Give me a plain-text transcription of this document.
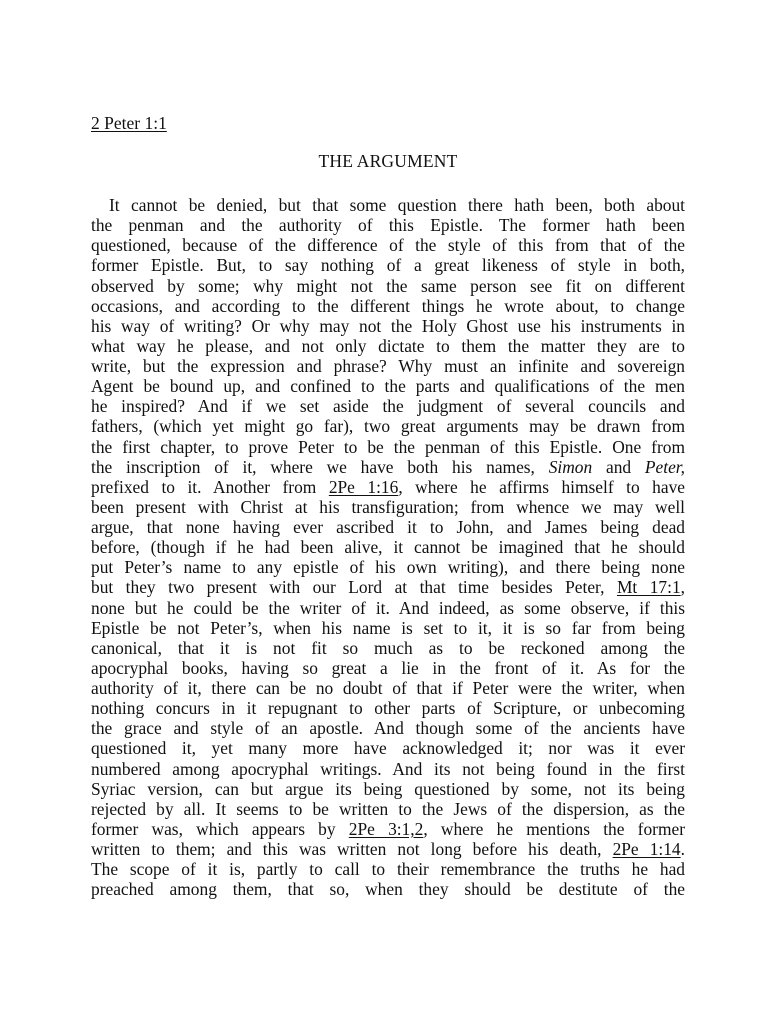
2 Peter 1:1
THE ARGUMENT
It cannot be denied, but that some question there hath been, both about
the penman and the authority of this Epistle. The former hath been
questioned, because of the difference of the style of this from that of the
former Epistle. But, to say nothing of a great likeness of style in both,
observed by some; why might not the same person see fit on different
occasions, and according to the different things he wrote about, to change
his way of writing? Or why may not the Holy Ghost use his instruments in
what way he please, and not only dictate to them the matter they are to
write, but the expression and phrase? Why must an infinite and sovereign
Agent be bound up, and confined to the parts and qualifications of the men
he inspired? And if we set aside the judgment of several councils and
fathers, (which yet might go far), two great arguments may be drawn from
the first chapter, to prove Peter to be the penman of this Epistle. One from
the inscription of it, where we have both his names, Simon and Peter,
prefixed to it. Another from 2Pe 1:16, where he affirms himself to have
been present with Christ at his transfiguration; from whence we may well
argue, that none having ever ascribed it to John, and James being dead
before, (though if he had been alive, it cannot be imagined that he should
put Peter’s name to any epistle of his own writing), and there being none
but they two present with our Lord at that time besides Peter, Mt 17:1,
none but he could be the writer of it. And indeed, as some observe, if this
Epistle be not Peter’s, when his name is set to it, it is so far from being
canonical, that it is not fit so much as to be reckoned among the
apocryphal books, having so great a lie in the front of it. As for the
authority of it, there can be no doubt of that if Peter were the writer, when
nothing concurs in it repugnant to other parts of Scripture, or unbecoming
the grace and style of an apostle. And though some of the ancients have
questioned it, yet many more have acknowledged it; nor was it ever
numbered among apocryphal writings. And its not being found in the first
Syriac version, can but argue its being questioned by some, not its being
rejected by all. It seems to be written to the Jews of the dispersion, as the
former was, which appears by 2Pe 3:1,2, where he mentions the former
written to them; and this was written not long before his death, 2Pe 1:14.
The scope of it is, partly to call to their remembrance the truths he had
preached among them, that so, when they should be destitute of the
